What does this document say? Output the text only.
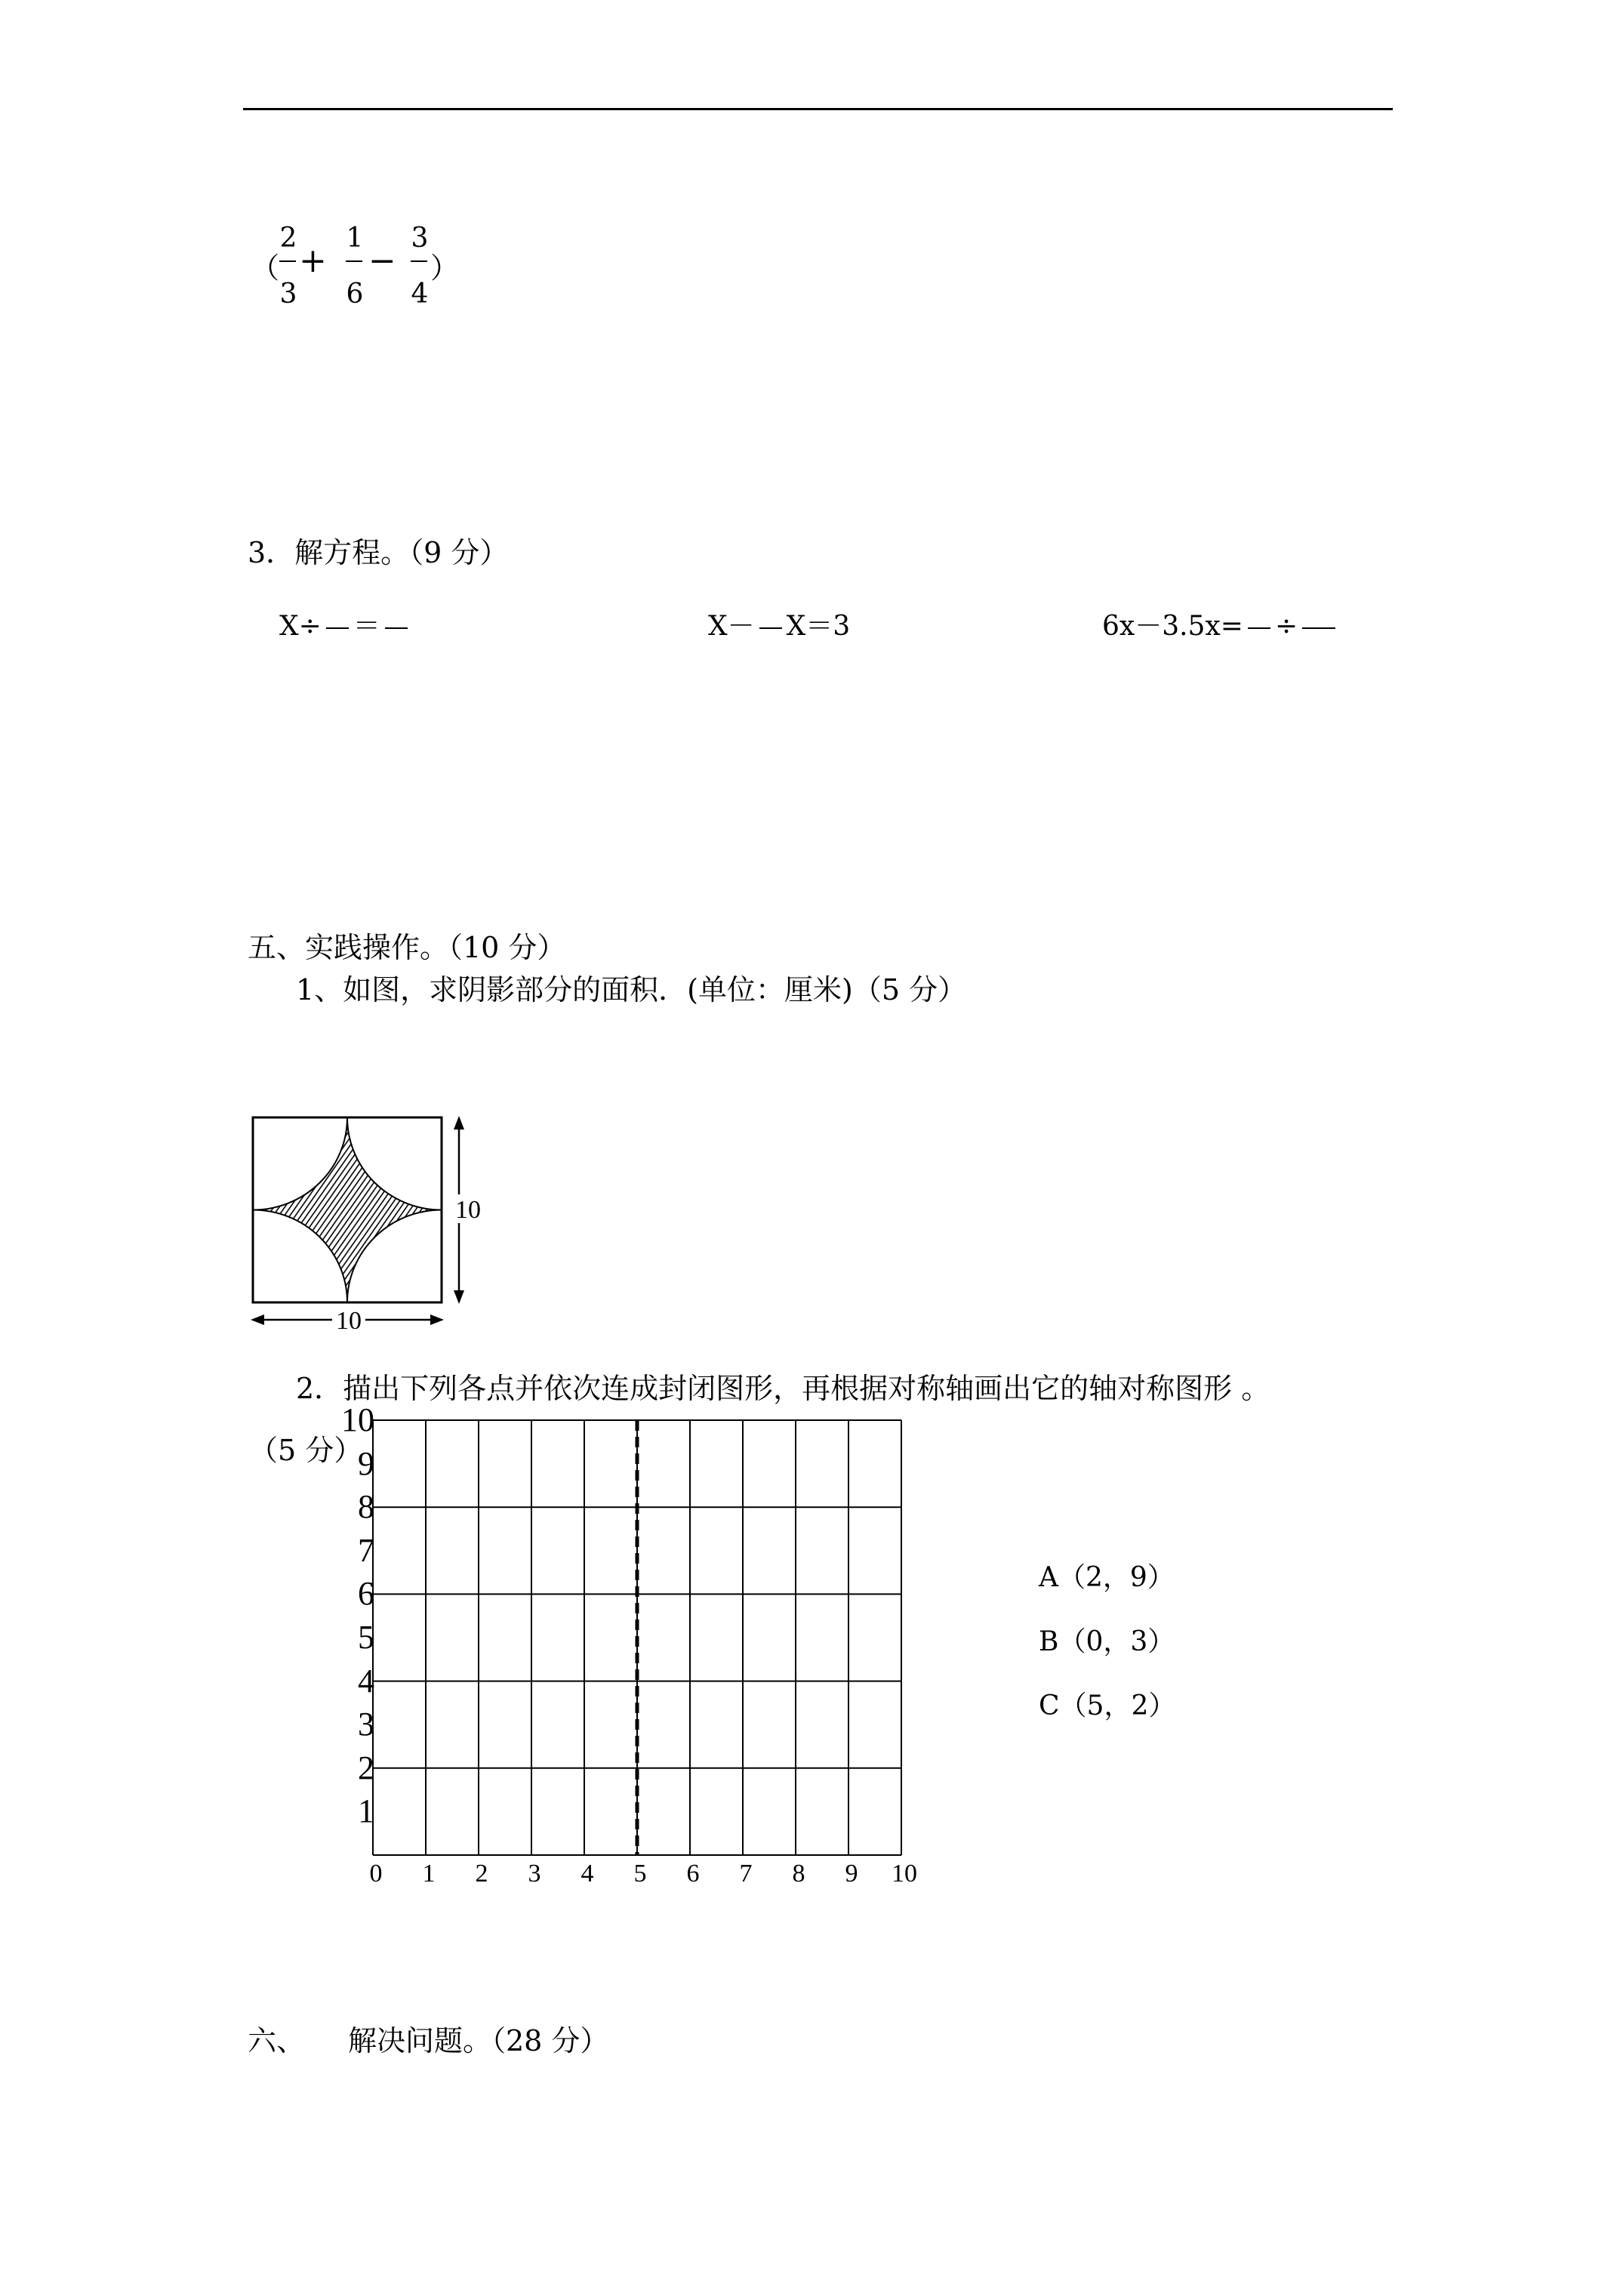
（
2
3
+
1
6
−
3
4
）
3．解方程。（9 分）
X÷ ＝	X－ X＝3	6x－3.5x= ÷
五、实践操作。（10 分）
1、如图，求阴影部分的面积．(单位：厘米)（5 分）
10
10
2．描出下列各点并依次连成封闭图形，再根据对称轴画出它的轴对称图形 。
（5 分）
10
9
8
7
6
5
4
3
2
1
0	1	2	3	4	5	6	7	8	9	10
A（2，9）
B（0，3）
C（5，2）
六、　　解决问题。（28 分）
